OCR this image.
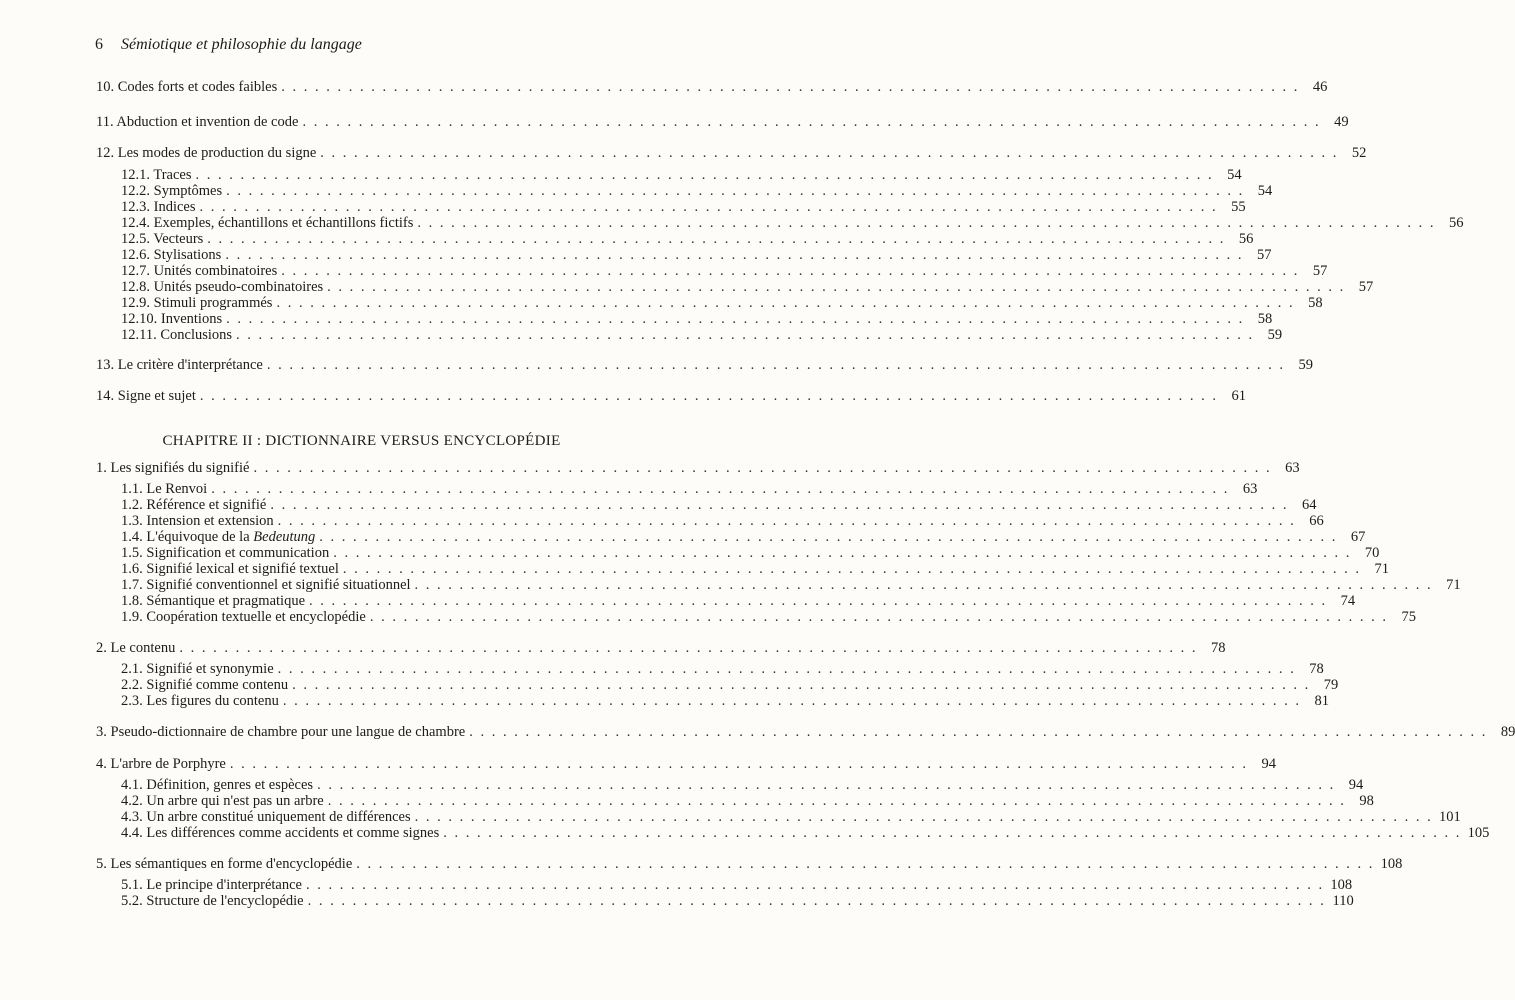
6 Sémiotique et philosophie du langage
10. Codes forts et codes faibles . . . . . . . . . . . . . . . . . . . . . . . . . . . . . . . . . . . . . . . . . . . . . . . . . . . . . . . . . . . . . . . . . . . . . . . . . . . . . . . . . . . . . . . . . . . 46
11. Abduction et invention de code . . . . . . . . . . . . . . . . . . . . . . . . . . . . . . . . . . . . . . . . . . . . . . . . . . . . . . . . . . . . . . . . . . . . . . . . . . . . . . . . . . . . . . . . . . . 49
12. Les modes de production du signe . . . . . . . . . . . . . . . . . . . . . . . . . . . . . . . . . . . . . . . . . . . . . . . . . . . . . . . . . . . . . . . . . . . . . . . . . . . . . . . . . . . . . . . . . . . 52
12.1. Traces . . . . . . . . . . . . . . . . . . . . . . . . . . . . . . . . . . . . . . . . . . . . . . . . . . . . . . . . . . . . . . . . . . . . . . . . . . . . . . . . . . . . . . . . . . . 54
12.2. Symptômes . . . . . . . . . . . . . . . . . . . . . . . . . . . . . . . . . . . . . . . . . . . . . . . . . . . . . . . . . . . . . . . . . . . . . . . . . . . . . . . . . . . . . . . . . . . 54
12.3. Indices . . . . . . . . . . . . . . . . . . . . . . . . . . . . . . . . . . . . . . . . . . . . . . . . . . . . . . . . . . . . . . . . . . . . . . . . . . . . . . . . . . . . . . . . . . . 55
12.4. Exemples, échantillons et échantillons fictifs . . . . . . . . . . . . . . . . . . . . . . . . . . . . . . . . . . . . . . . . . . . . . . . . . . . . . . . . . . . . . . . . . . . . . . . . . . . . . . . . . . . . . . . . . . . 56
12.5. Vecteurs . . . . . . . . . . . . . . . . . . . . . . . . . . . . . . . . . . . . . . . . . . . . . . . . . . . . . . . . . . . . . . . . . . . . . . . . . . . . . . . . . . . . . . . . . . . 56
12.6. Stylisations . . . . . . . . . . . . . . . . . . . . . . . . . . . . . . . . . . . . . . . . . . . . . . . . . . . . . . . . . . . . . . . . . . . . . . . . . . . . . . . . . . . . . . . . . . . 57
12.7. Unités combinatoires . . . . . . . . . . . . . . . . . . . . . . . . . . . . . . . . . . . . . . . . . . . . . . . . . . . . . . . . . . . . . . . . . . . . . . . . . . . . . . . . . . . . . . . . . . . 57
12.8. Unités pseudo-combinatoires . . . . . . . . . . . . . . . . . . . . . . . . . . . . . . . . . . . . . . . . . . . . . . . . . . . . . . . . . . . . . . . . . . . . . . . . . . . . . . . . . . . . . . . . . . . 57
12.9. Stimuli programmés . . . . . . . . . . . . . . . . . . . . . . . . . . . . . . . . . . . . . . . . . . . . . . . . . . . . . . . . . . . . . . . . . . . . . . . . . . . . . . . . . . . . . . . . . . . 58
12.10. Inventions . . . . . . . . . . . . . . . . . . . . . . . . . . . . . . . . . . . . . . . . . . . . . . . . . . . . . . . . . . . . . . . . . . . . . . . . . . . . . . . . . . . . . . . . . . . 58
12.11. Conclusions . . . . . . . . . . . . . . . . . . . . . . . . . . . . . . . . . . . . . . . . . . . . . . . . . . . . . . . . . . . . . . . . . . . . . . . . . . . . . . . . . . . . . . . . . . . 59
13. Le critère d'interprétance . . . . . . . . . . . . . . . . . . . . . . . . . . . . . . . . . . . . . . . . . . . . . . . . . . . . . . . . . . . . . . . . . . . . . . . . . . . . . . . . . . . . . . . . . . . 59
14. Signe et sujet . . . . . . . . . . . . . . . . . . . . . . . . . . . . . . . . . . . . . . . . . . . . . . . . . . . . . . . . . . . . . . . . . . . . . . . . . . . . . . . . . . . . . . . . . . . 61
CHAPITRE II : DICTIONNAIRE VERSUS ENCYCLOPÉDIE
1. Les signifiés du signifié . . . . . . . . . . . . . . . . . . . . . . . . . . . . . . . . . . . . . . . . . . . . . . . . . . . . . . . . . . . . . . . . . . . . . . . . . . . . . . . . . . . . . . . . . . . 63
1.1. Le Renvoi . . . . . . . . . . . . . . . . . . . . . . . . . . . . . . . . . . . . . . . . . . . . . . . . . . . . . . . . . . . . . . . . . . . . . . . . . . . . . . . . . . . . . . . . . . . 63
1.2. Référence et signifié . . . . . . . . . . . . . . . . . . . . . . . . . . . . . . . . . . . . . . . . . . . . . . . . . . . . . . . . . . . . . . . . . . . . . . . . . . . . . . . . . . . . . . . . . . . 64
1.3. Intension et extension . . . . . . . . . . . . . . . . . . . . . . . . . . . . . . . . . . . . . . . . . . . . . . . . . . . . . . . . . . . . . . . . . . . . . . . . . . . . . . . . . . . . . . . . . . . 66
1.4. L'équivoque de la Bedeutung . . . . . . . . . . . . . . . . . . . . . . . . . . . . . . . . . . . . . . . . . . . . . . . . . . . . . . . . . . . . . . . . . . . . . . . . . . . . . . . . . . . . . . . . . . . 67
1.5. Signification et communication . . . . . . . . . . . . . . . . . . . . . . . . . . . . . . . . . . . . . . . . . . . . . . . . . . . . . . . . . . . . . . . . . . . . . . . . . . . . . . . . . . . . . . . . . . . 70
1.6. Signifié lexical et signifié textuel . . . . . . . . . . . . . . . . . . . . . . . . . . . . . . . . . . . . . . . . . . . . . . . . . . . . . . . . . . . . . . . . . . . . . . . . . . . . . . . . . . . . . . . . . . . 71
1.7. Signifié conventionnel et signifié situationnel . . . . . . . . . . . . . . . . . . . . . . . . . . . . . . . . . . . . . . . . . . . . . . . . . . . . . . . . . . . . . . . . . . . . . . . . . . . . . . . . . . . . . . . . . . . 71
1.8. Sémantique et pragmatique . . . . . . . . . . . . . . . . . . . . . . . . . . . . . . . . . . . . . . . . . . . . . . . . . . . . . . . . . . . . . . . . . . . . . . . . . . . . . . . . . . . . . . . . . . . 74
1.9. Coopération textuelle et encyclopédie . . . . . . . . . . . . . . . . . . . . . . . . . . . . . . . . . . . . . . . . . . . . . . . . . . . . . . . . . . . . . . . . . . . . . . . . . . . . . . . . . . . . . . . . . . . 75
2. Le contenu . . . . . . . . . . . . . . . . . . . . . . . . . . . . . . . . . . . . . . . . . . . . . . . . . . . . . . . . . . . . . . . . . . . . . . . . . . . . . . . . . . . . . . . . . . . 78
2.1. Signifié et synonymie . . . . . . . . . . . . . . . . . . . . . . . . . . . . . . . . . . . . . . . . . . . . . . . . . . . . . . . . . . . . . . . . . . . . . . . . . . . . . . . . . . . . . . . . . . . 78
2.2. Signifié comme contenu . . . . . . . . . . . . . . . . . . . . . . . . . . . . . . . . . . . . . . . . . . . . . . . . . . . . . . . . . . . . . . . . . . . . . . . . . . . . . . . . . . . . . . . . . . . 79
2.3. Les figures du contenu . . . . . . . . . . . . . . . . . . . . . . . . . . . . . . . . . . . . . . . . . . . . . . . . . . . . . . . . . . . . . . . . . . . . . . . . . . . . . . . . . . . . . . . . . . . 81
3. Pseudo-dictionnaire de chambre pour une langue de chambre . . . . . . . . . . . . . . . . . . . . . . . . . . . . . . . . . . . . . . . . . . . . . . . . . . . . . . . . . . . . . . . . . . . . . . . . . . . . . . . . . . . . . . . . . . . 89
4. L'arbre de Porphyre . . . . . . . . . . . . . . . . . . . . . . . . . . . . . . . . . . . . . . . . . . . . . . . . . . . . . . . . . . . . . . . . . . . . . . . . . . . . . . . . . . . . . . . . . . . 94
4.1. Définition, genres et espèces . . . . . . . . . . . . . . . . . . . . . . . . . . . . . . . . . . . . . . . . . . . . . . . . . . . . . . . . . . . . . . . . . . . . . . . . . . . . . . . . . . . . . . . . . . . 94
4.2. Un arbre qui n'est pas un arbre . . . . . . . . . . . . . . . . . . . . . . . . . . . . . . . . . . . . . . . . . . . . . . . . . . . . . . . . . . . . . . . . . . . . . . . . . . . . . . . . . . . . . . . . . . . 98
4.3. Un arbre constitué uniquement de différences . . . . . . . . . . . . . . . . . . . . . . . . . . . . . . . . . . . . . . . . . . . . . . . . . . . . . . . . . . . . . . . . . . . . . . . . . . . . . . . . . . . . . . . . . . . 101
4.4. Les différences comme accidents et comme signes . . . . . . . . . . . . . . . . . . . . . . . . . . . . . . . . . . . . . . . . . . . . . . . . . . . . . . . . . . . . . . . . . . . . . . . . . . . . . . . . . . . . . . . . . . . 105
5. Les sémantiques en forme d'encyclopédie . . . . . . . . . . . . . . . . . . . . . . . . . . . . . . . . . . . . . . . . . . . . . . . . . . . . . . . . . . . . . . . . . . . . . . . . . . . . . . . . . . . . . . . . . . . 108
5.1. Le principe d'interprétance . . . . . . . . . . . . . . . . . . . . . . . . . . . . . . . . . . . . . . . . . . . . . . . . . . . . . . . . . . . . . . . . . . . . . . . . . . . . . . . . . . . . . . . . . . . 108
5.2. Structure de l'encyclopédie . . . . . . . . . . . . . . . . . . . . . . . . . . . . . . . . . . . . . . . . . . . . . . . . . . . . . . . . . . . . . . . . . . . . . . . . . . . . . . . . . . . . . . . . . . . 110
